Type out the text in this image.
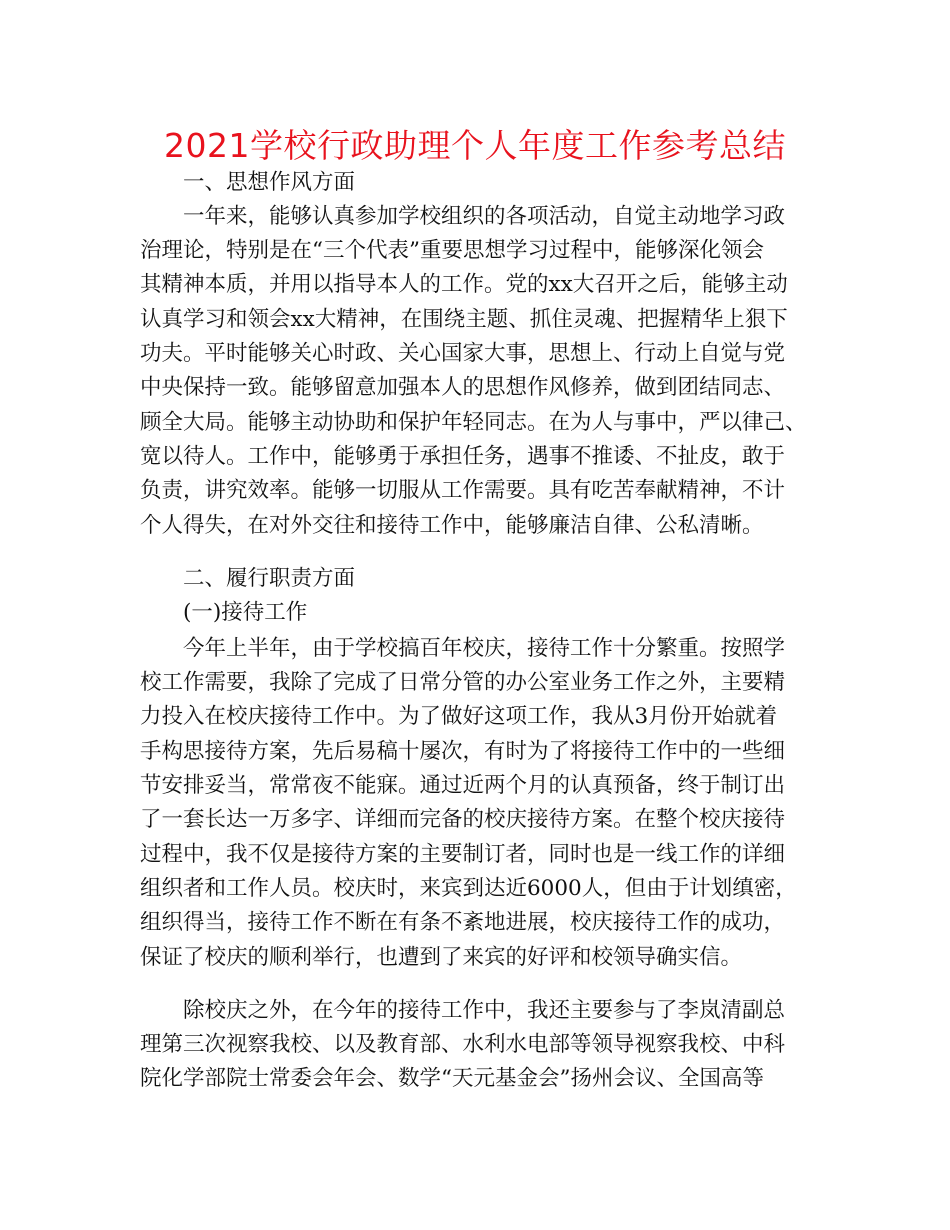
2021学校行政助理个人年度工作参考总结
一、思想作风方面
一年来，能够认真参加学校组织的各项活动，自觉主动地学习政
治理论，特别是在“三个代表”重要思想学习过程中，能够深化领会
其精神本质，并用以指导本人的工作。党的xx大召开之后，能够主动
认真学习和领会xx大精神，在围绕主题、抓住灵魂、把握精华上狠下
功夫。平时能够关心时政、关心国家大事，思想上、行动上自觉与党
中央保持一致。能够留意加强本人的思想作风修养，做到团结同志、
顾全大局。能够主动协助和保护年轻同志。在为人与事中，严以律己、
宽以待人。工作中，能够勇于承担任务，遇事不推诿、不扯皮，敢于
负责，讲究效率。能够一切服从工作需要。具有吃苦奉献精神，不计
个人得失，在对外交往和接待工作中，能够廉洁自律、公私清晰。
二、履行职责方面
(一)接待工作
今年上半年，由于学校搞百年校庆，接待工作十分繁重。按照学
校工作需要，我除了完成了日常分管的办公室业务工作之外，主要精
力投入在校庆接待工作中。为了做好这项工作，我从3月份开始就着
手构思接待方案，先后易稿十屡次，有时为了将接待工作中的一些细
节安排妥当，常常夜不能寐。通过近两个月的认真预备，终于制订出
了一套长达一万多字、详细而完备的校庆接待方案。在整个校庆接待
过程中，我不仅是接待方案的主要制订者，同时也是一线工作的详细
组织者和工作人员。校庆时，来宾到达近6000人，但由于计划缜密，
组织得当，接待工作不断在有条不紊地进展，校庆接待工作的成功，
保证了校庆的顺利举行，也遭到了来宾的好评和校领导确实信。
除校庆之外，在今年的接待工作中，我还主要参与了李岚清副总
理第三次视察我校、以及教育部、水利水电部等领导视察我校、中科
院化学部院士常委会年会、数学“天元基金会”扬州会议、全国高等
